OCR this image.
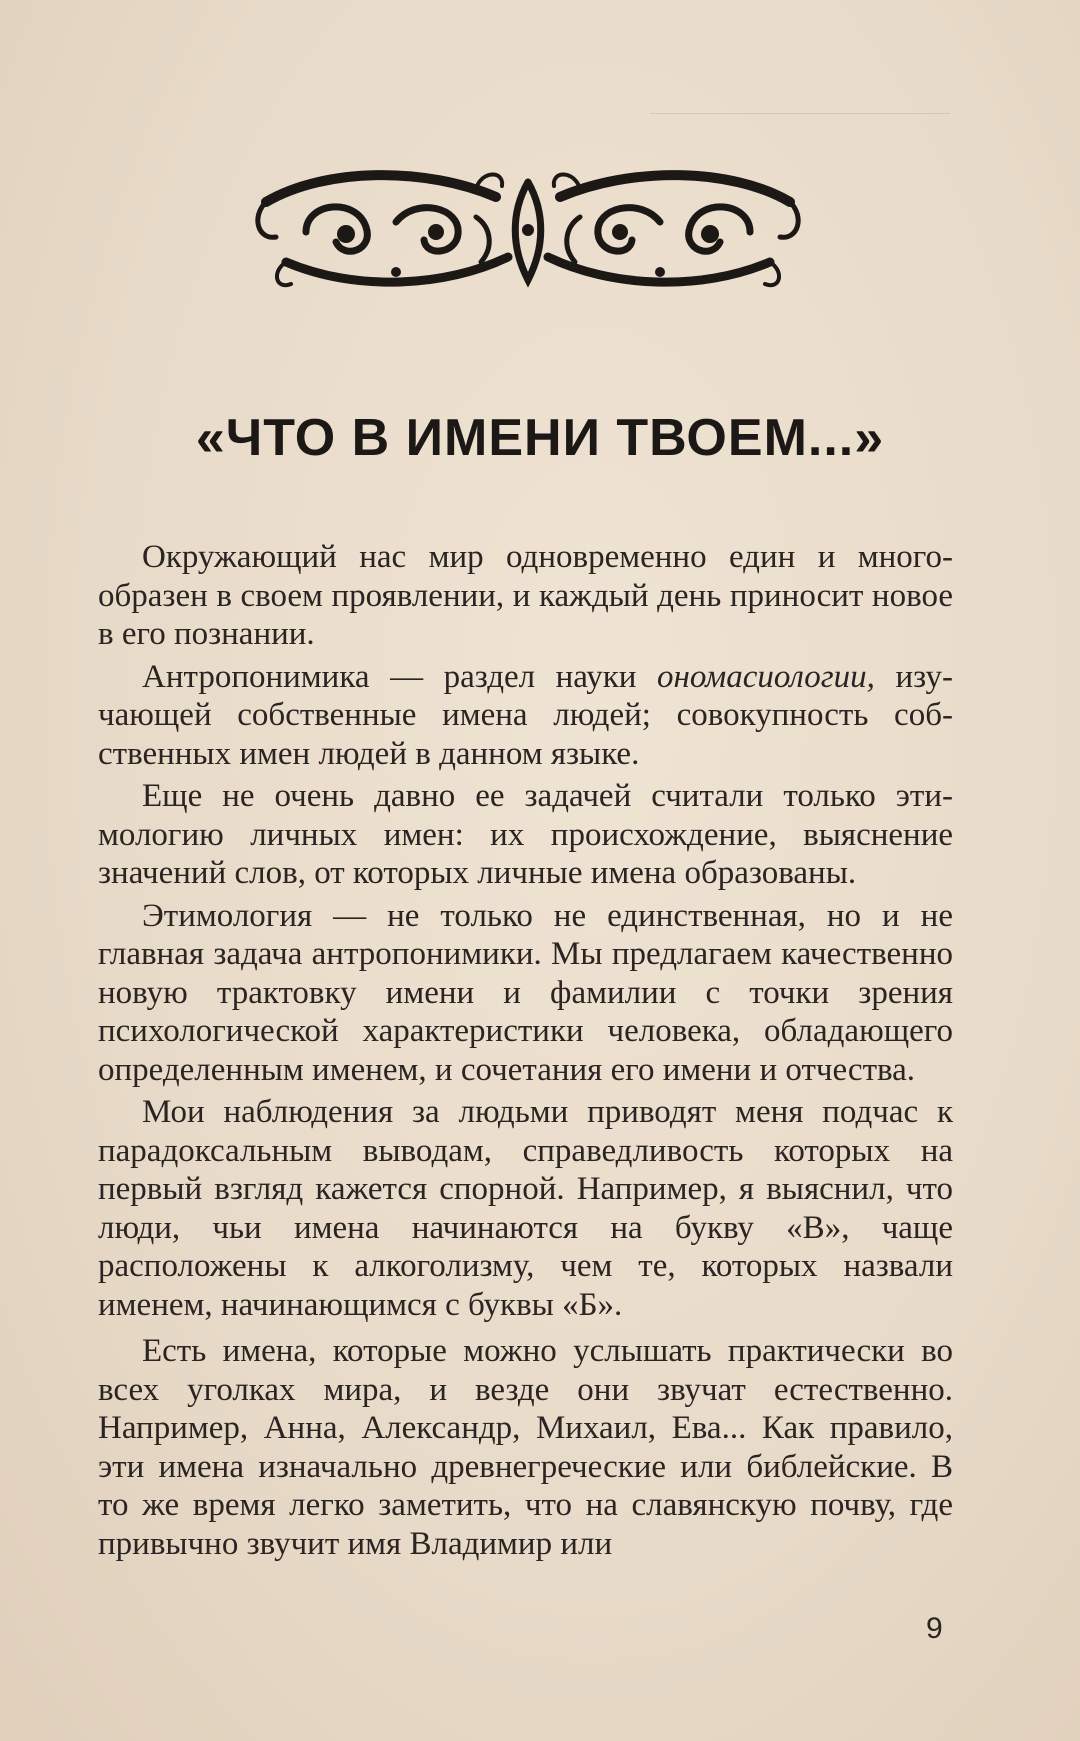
«ЧТО В ИМЕНИ ТВОЕМ...»

Окружающий нас мир одновременно един и многообразен в своем проявлении, и каждый день приносит новое в его познании.

Антропонимика — раздел науки ономасиологии, изучающей собственные имена людей; совокупность собственных имен людей в данном языке.

Еще не очень давно ее задачей считали только этимологию личных имен: их происхождение, выяснение значений слов, от которых личные имена образованы.

Этимология — не только не единственная, но и не главная задача антропонимики. Мы предлагаем качественно новую трактовку имени и фамилии с точки зрения психологической характеристики человека, обладающего определенным именем, и сочетания его имени и отчества.

Мои наблюдения за людьми приводят меня подчас к парадоксальным выводам, справедливость которых на первый взгляд кажется спорной. Например, я выяснил, что люди, чьи имена начинаются на букву «В», чаще расположены к алкоголизму, чем те, которых назвали именем, начинающимся с буквы «Б».

Есть имена, которые можно услышать практически во всех уголках мира, и везде они звучат естественно. Например, Анна, Александр, Михаил, Ева... Как правило, эти имена изначально древнегреческие или библейские. В то же время легко заметить, что на славянскую почву, где привычно звучит имя Владимир или

9
